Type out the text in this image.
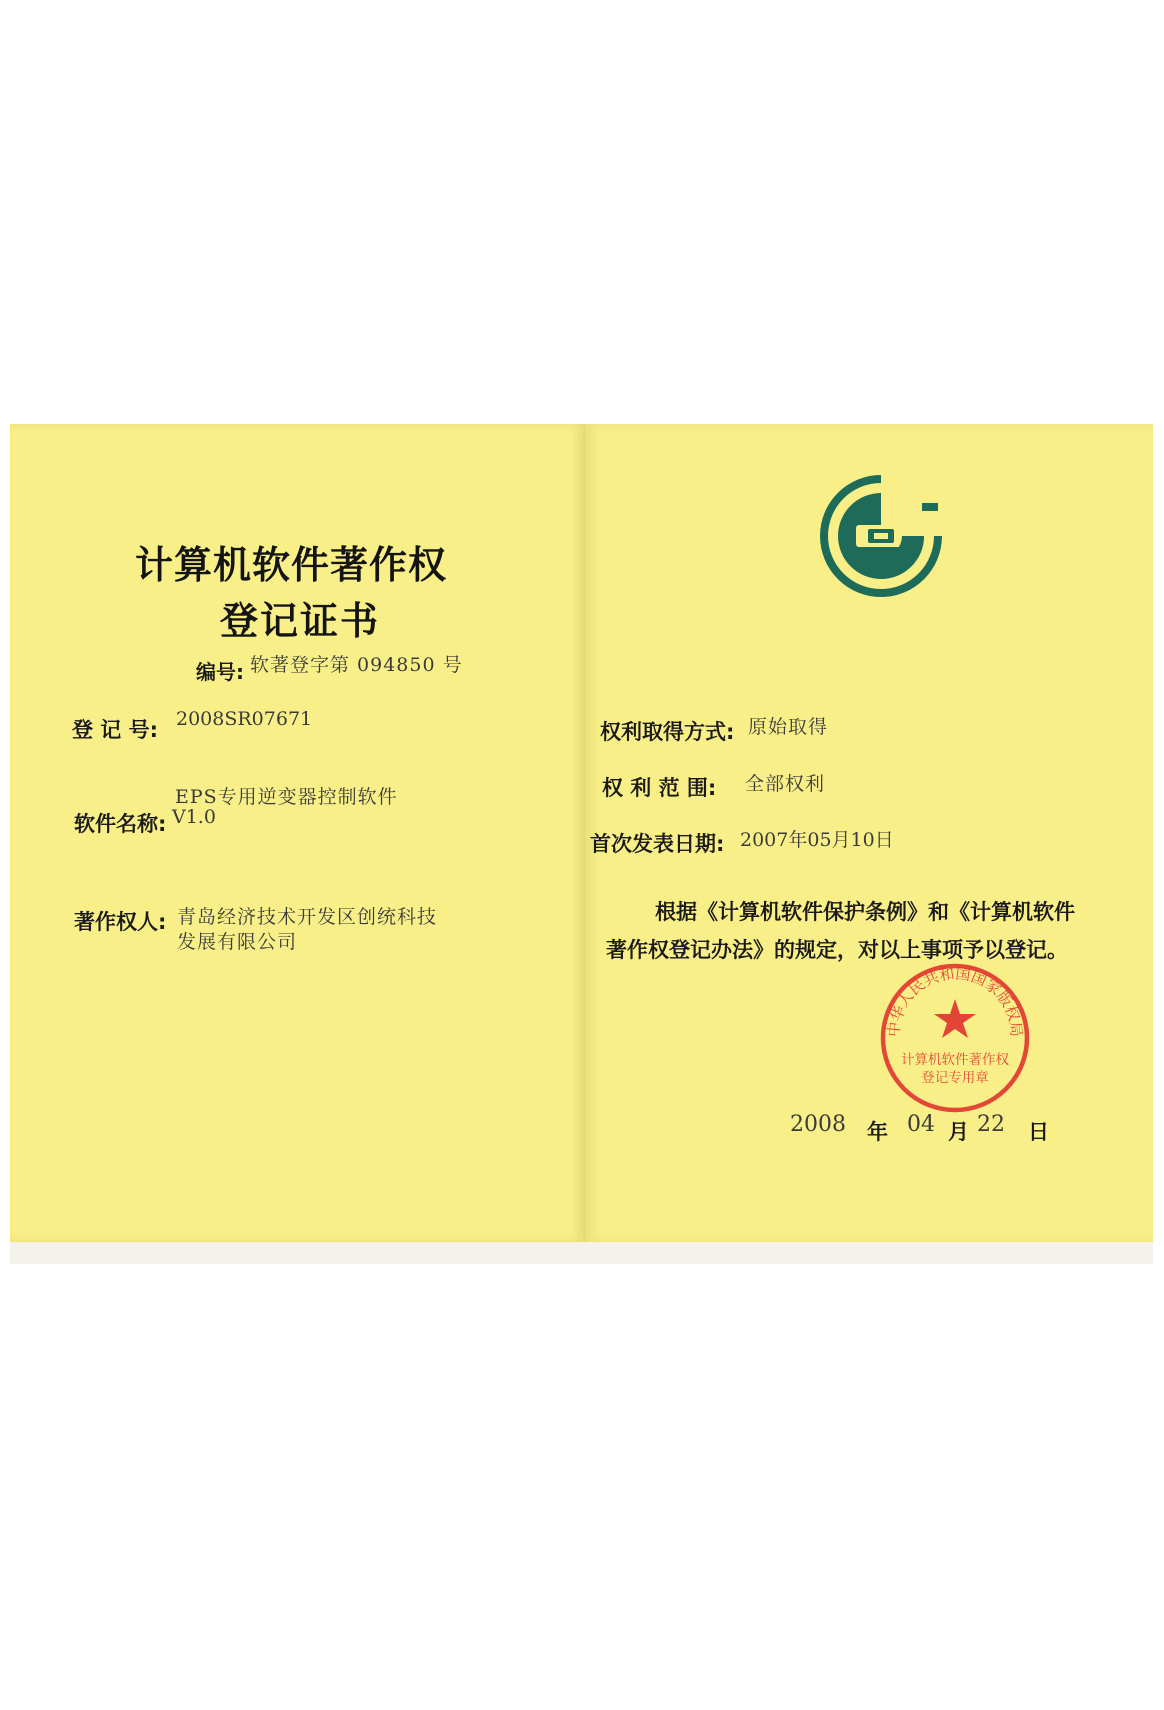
计算机软件著作权
登记证书
编号: 软著登字第 094850 号
登 记 号: 2008SR07671
EPS专用逆变器控制软件
软件名称: V1.0
著作权人: 青岛经济技术开发区创统科技
发展有限公司
权利取得方式: 原始取得
权 利 范 围: 全部权利
首次发表日期: 2007年05月10日
根据《计算机软件保护条例》和《计算机软件
著作权登记办法》的规定，对以上事项予以登记。
中华人民共和国国家版权局
计算机软件著作权
登记专用章
2008 年 04 月 22 日
